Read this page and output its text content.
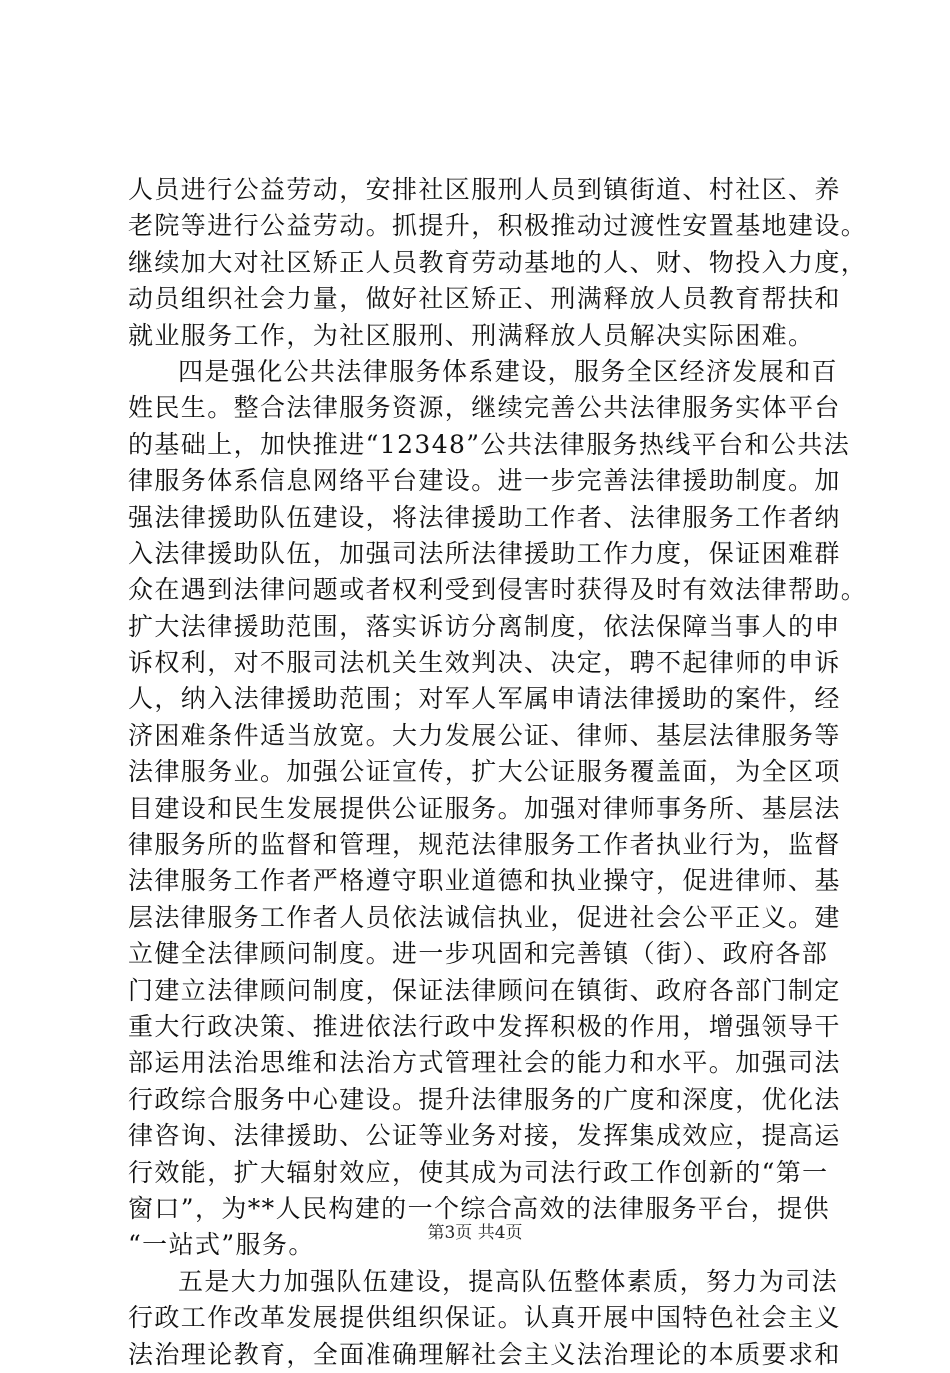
人员进行公益劳动，安排社区服刑人员到镇街道、村社区、养
老院等进行公益劳动。抓提升，积极推动过渡性安置基地建设。
继续加大对社区矫正人员教育劳动基地的人、财、物投入力度，
动员组织社会力量，做好社区矫正、刑满释放人员教育帮扶和
就业服务工作，为社区服刑、刑满释放人员解决实际困难。
四是强化公共法律服务体系建设，服务全区经济发展和百
姓民生。整合法律服务资源，继续完善公共法律服务实体平台
的基础上，加快推进“12348”公共法律服务热线平台和公共法
律服务体系信息网络平台建设。进一步完善法律援助制度。加
强法律援助队伍建设，将法律援助工作者、法律服务工作者纳
入法律援助队伍，加强司法所法律援助工作力度，保证困难群
众在遇到法律问题或者权利受到侵害时获得及时有效法律帮助。
扩大法律援助范围，落实诉访分离制度，依法保障当事人的申
诉权利，对不服司法机关生效判决、决定，聘不起律师的申诉
人，纳入法律援助范围；对军人军属申请法律援助的案件，经
济困难条件适当放宽。大力发展公证、律师、基层法律服务等
法律服务业。加强公证宣传，扩大公证服务覆盖面，为全区项
目建设和民生发展提供公证服务。加强对律师事务所、基层法
律服务所的监督和管理，规范法律服务工作者执业行为，监督
法律服务工作者严格遵守职业道德和执业操守，促进律师、基
层法律服务工作者人员依法诚信执业，促进社会公平正义。建
立健全法律顾问制度。进一步巩固和完善镇（街）、政府各部
门建立法律顾问制度，保证法律顾问在镇街、政府各部门制定
重大行政决策、推进依法行政中发挥积极的作用，增强领导干
部运用法治思维和法治方式管理社会的能力和水平。加强司法
行政综合服务中心建设。提升法律服务的广度和深度，优化法
律咨询、法律援助、公证等业务对接，发挥集成效应，提高运
行效能，扩大辐射效应，使其成为司法行政工作创新的“第一
窗口”，为**人民构建的一个综合高效的法律服务平台，提供
“一站式”服务。
五是大力加强队伍建设，提高队伍整体素质，努力为司法
行政工作改革发展提供组织保证。认真开展中国特色社会主义
法治理论教育，全面准确理解社会主义法治理论的本质要求和
第3页 共4页
